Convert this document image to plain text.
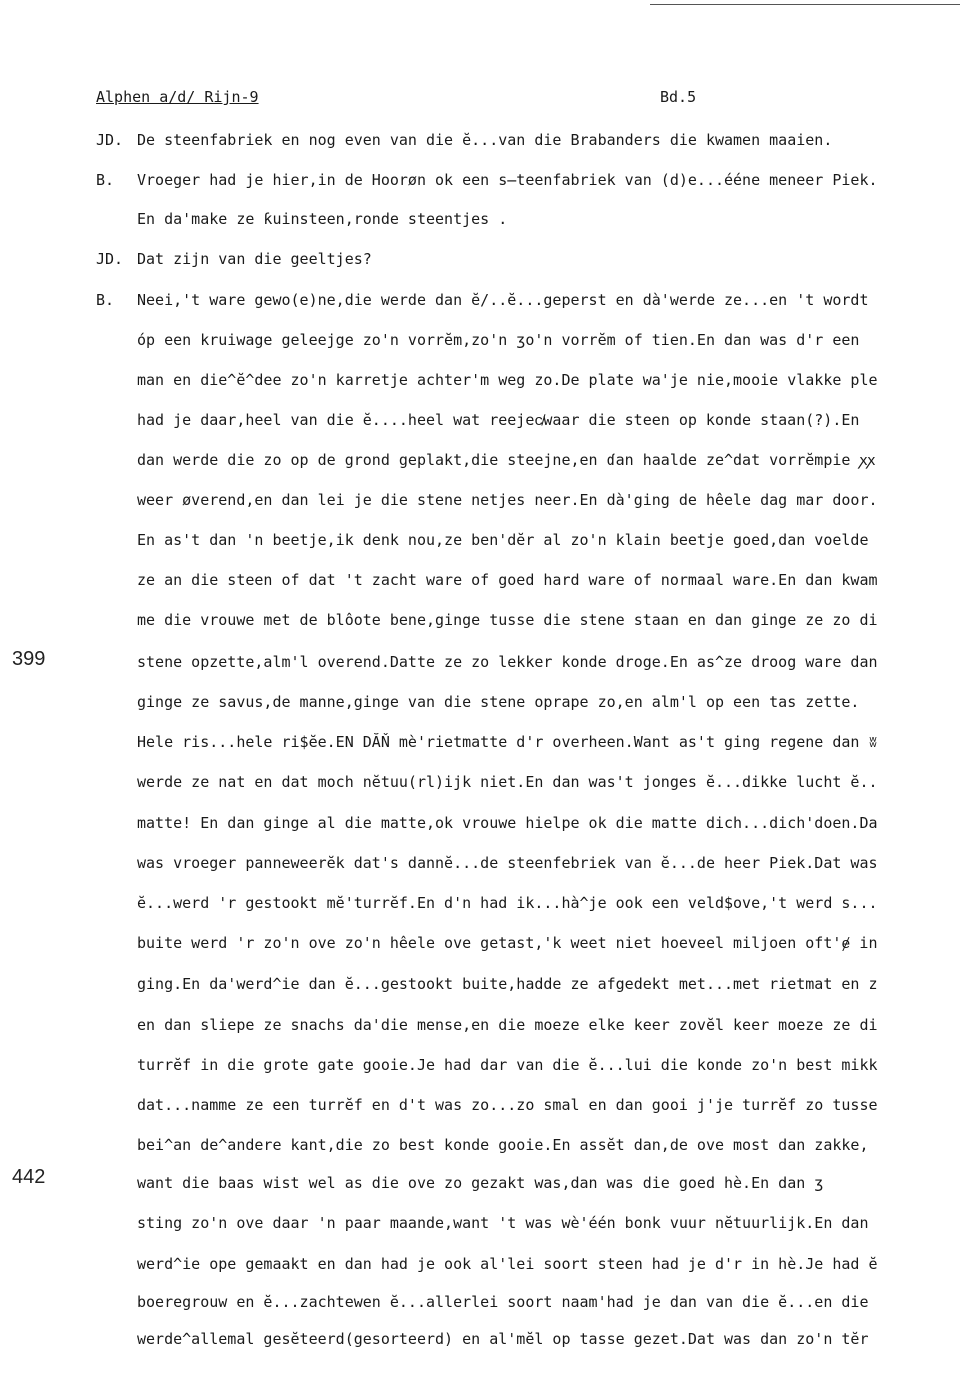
Alphen a/d/ Rijn-9	Bd.5
399
442
JD. De steenfabriek en nog even van die ĕ...van die Brabanders die kwamen maaien.
B. Vroeger had je hier,in de Hoorøn ok een s̶teenfabriek van (d)e...ééne meneer Piek.
En da'make ze ƙuinsteen,ronde steentjes .
JD. Dat zijn van die geeltjes?
B. Neei,'t ware gewo(e)ne,die werde dan ĕ/..ĕ...geperst en dà'werde ze...en 't wordt
óp een kruiwage geleejge zo'n vorrĕm,zo'n ʒo'n vorrĕm of tien.En dan was d'r een
man en die^ĕ^dee zo'n karretje achter'm weg zo.De plate wa'je nie,mooie vlakke ple
had je daar,heel van die ĕ....heel wat reejeᴄ̸waar die steen op konde staan(?).En
dan werde die zo op de grond geplakt,die steejne,en ɗan haalde ze^dat vorrĕmpie ꭗꭗ
weer øverend,en dan lei je die stene netjes neer.En dà'ging de hêele dag mar door.
En as't dan 'n beetje,ik denk nou,ze ben'dĕr al zo'n klain beetje goed,dan voelde
ze an die steen of dat 't zacht ware of goed hard ware of normaal ware.En dan kwam
me die vrouwe met de blôote bene,ginge tusse die stene staan en dan ginge ze zo di
stene opzette,alm'l overend.Datte ze zo lekker konde droge.En as^ze droog ware dan
ginge ze savus,de manne,ginge van die stene oprape zo,en alm'l op een tas zette.
Hele ris...hele ri$ĕe.EN DĂŇ mè'rietmatte d'r overheen.Want as't ging regene dan ʬ
werde ze nat en dat moch nĕtuu(rl)ijk niet.En dan was't jonges ĕ...dikke lucht ĕ..
matte! En dan ginge al die matte,ok vrouwe hielpe ok die matte dich...dich'doen.Da
was vroeger panneweerĕk dat's dannĕ...de steenfebriek van ĕ...de heer Piek.Dat was
ĕ...werd 'r gestookt mĕ'turrĕf.En d'n had ik...hà^je ook een veld$ove,'t werd s...
buite werd 'r zo'n ove zo'n hêele ove getast,'k weet niet hoeveel miljoen oft'ɇ in
ging.En da'werd^ie dan ĕ...gestookt buite,hadde ze afgedekt met...met rietmat en z
en dan sliepe ze snachs da'die mense,en die moeze elke keer zovĕl keer moeze ze di
turrĕf in die grote gate gooie.Je had dar van die ĕ...lui die konde zo'n best mikk
dat...namme ze een turrĕf en d't was zo...zo smal en dan gooi j'je turrĕf zo tusse
bei^an de^andere kant,die zo best konde gooie.En assĕt dan,de ove most dan zakke,
want die baas wist wel as die ove zo gezakt was,dan was die goed hè.En dan ʒ
sting zo'n ove daar 'n paar maande,want 't was wè'één bonk vuur nĕtuurlijk.En dan
werd^ie ope gemaakt en dan had je ook al'lei soort steen had je d'r in hè.Je had ĕ
boeregrouw en ĕ...zachtewen ĕ...allerlei soort naam'had je dan van die ĕ...en die
werde^allemal gesĕteerd(gesorteerd) en al'mĕl op tasse gezet.Dat was dan zo'n tĕr
